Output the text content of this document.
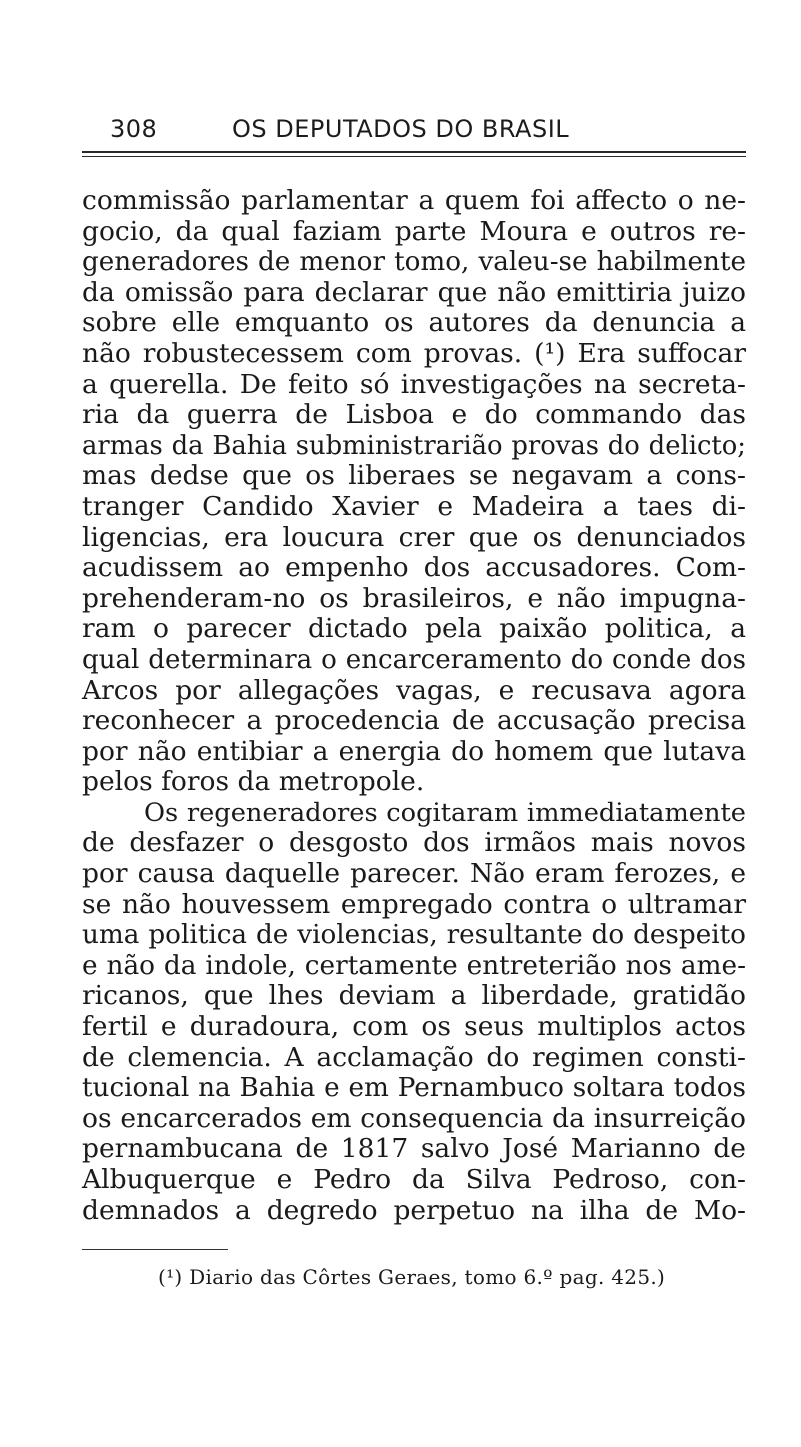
308	OS DEPUTADOS DO BRASIL

commissão parlamentar a quem foi affecto o ne-
gocio, da qual faziam parte Moura e outros re-
generadores de menor tomo, valeu-se habilmente
da omissão para declarar que não emittiria juizo
sobre elle emquanto os autores da denuncia a
não robustecessem com provas. (¹) Era suffocar
a querella. De feito só investigações na secreta-
ria da guerra de Lisboa e do commando das
armas da Bahia subministrarião provas do delicto;
mas dedse que os liberaes se negavam a cons-
tranger Candido Xavier e Madeira a taes di-
ligencias, era loucura crer que os denunciados
acudissem ao empenho dos accusadores. Com-
prehenderam-no os brasileiros, e não impugna-
ram o parecer dictado pela paixão politica, a
qual determinara o encarceramento do conde dos
Arcos por allegações vagas, e recusava agora
reconhecer a procedencia de accusação precisa
por não entibiar a energia do homem que lutava
pelos foros da metropole.

Os regeneradores cogitaram immediatamente
de desfazer o desgosto dos irmãos mais novos
por causa daquelle parecer. Não eram ferozes, e
se não houvessem empregado contra o ultramar
uma politica de violencias, resultante do despeito
e não da indole, certamente entreterião nos ame-
ricanos, que lhes deviam a liberdade, gratidão
fertil e duradoura, com os seus multiplos actos
de clemencia. A acclamação do regimen consti-
tucional na Bahia e em Pernambuco soltara todos
os encarcerados em consequencia da insurreição
pernambucana de 1817 salvo José Marianno de
Albuquerque e Pedro da Silva Pedroso, con-
demnados a degredo perpetuo na ilha de Mo-

(¹) Diario das Côrtes Geraes, tomo 6.º pag. 425.)
